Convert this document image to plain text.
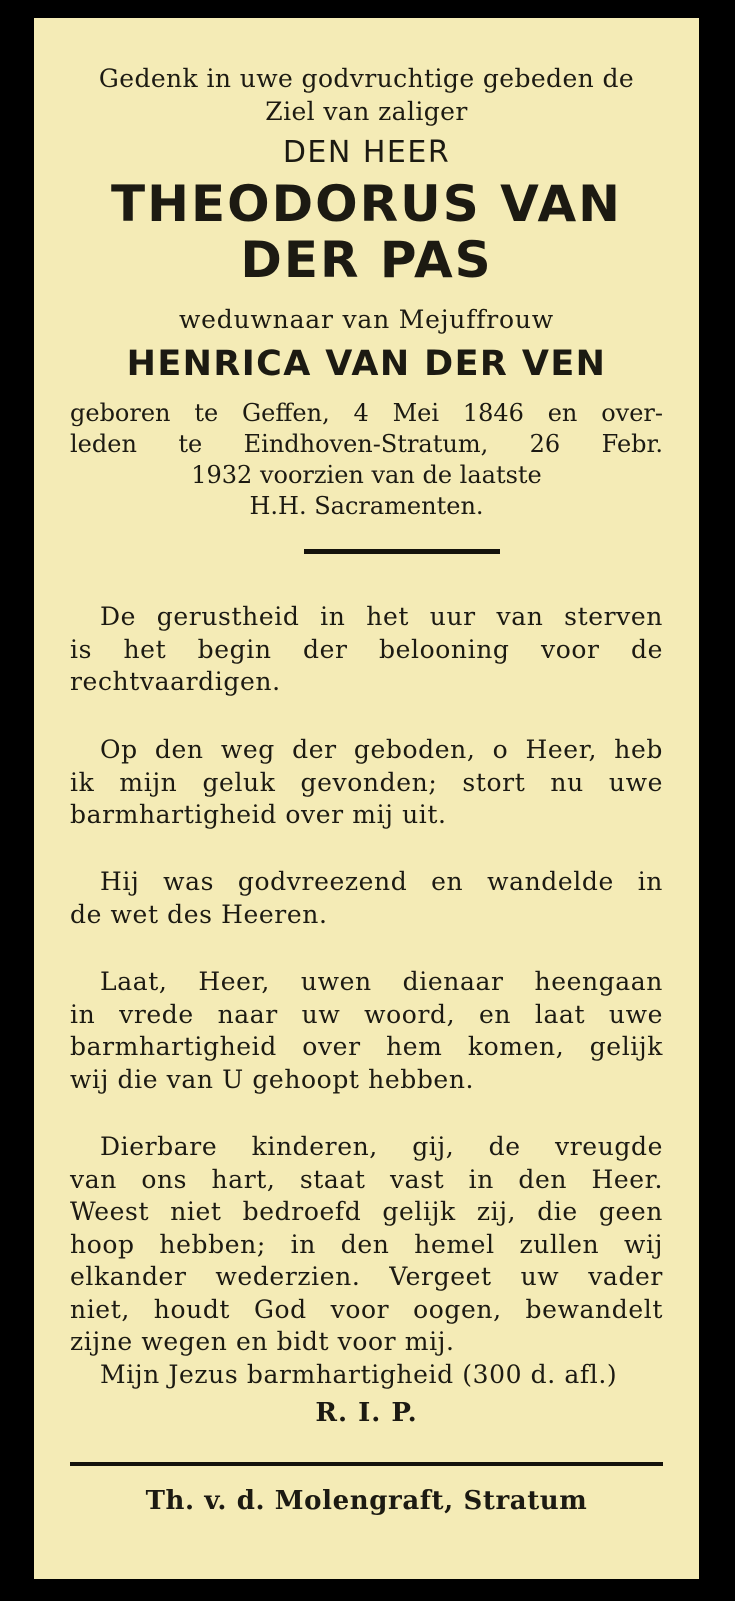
Gedenk in uwe godvruchtige gebeden de
Ziel van zaliger
DEN HEER
THEODORUS VAN
DER PAS
weduwnaar van Mejuffrouw
HENRICA VAN DER VEN
geboren te Geffen, 4 Mei 1846 en over-
leden te Eindhoven-Stratum, 26 Febr.
1932 voorzien van de laatste
H.H. Sacramenten.
De gerustheid in het uur van sterven
is het begin der belooning voor de
rechtvaardigen.
Op den weg der geboden, o Heer, heb
ik mijn geluk gevonden; stort nu uwe
barmhartigheid over mij uit.
Hij was godvreezend en wandelde in
de wet des Heeren.
Laat, Heer, uwen dienaar heengaan
in vrede naar uw woord, en laat uwe
barmhartigheid over hem komen, gelijk
wij die van U gehoopt hebben.
Dierbare kinderen, gij, de vreugde
van ons hart, staat vast in den Heer.
Weest niet bedroefd gelijk zij, die geen
hoop hebben; in den hemel zullen wij
elkander wederzien. Vergeet uw vader
niet, houdt God voor oogen, bewandelt
zijne wegen en bidt voor mij.
Mijn Jezus barmhartigheid (300 d. afl.)
R. I. P.
Th. v. d. Molengraft, Stratum
